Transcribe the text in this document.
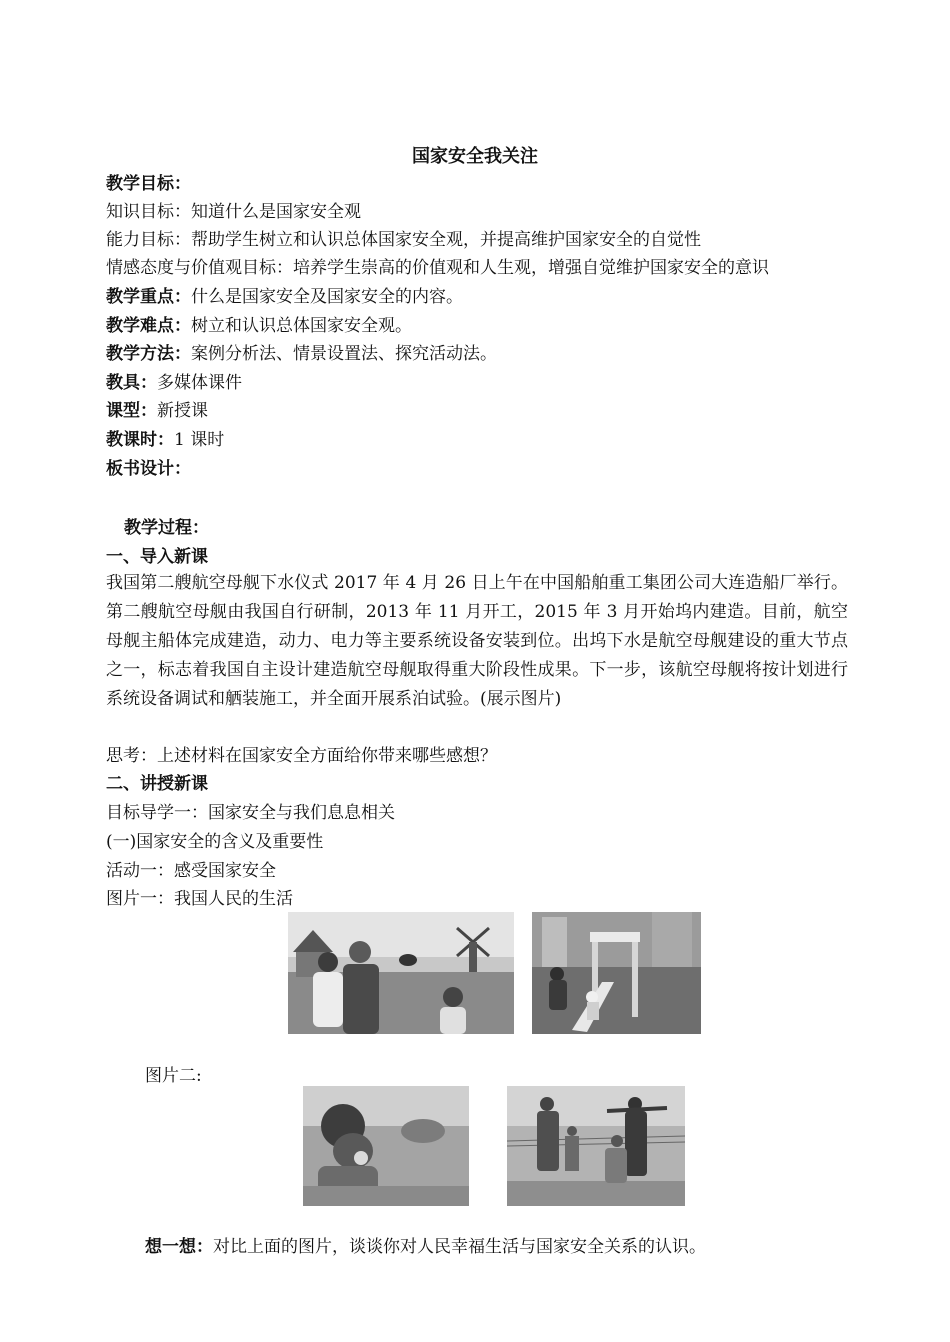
国家安全我关注
教学目标：
知识目标：知道什么是国家安全观
能力目标：帮助学生树立和认识总体国家安全观，并提高维护国家安全的自觉性
情感态度与价值观目标：培养学生崇高的价值观和人生观，增强自觉维护国家安全的意识
教学重点：什么是国家安全及国家安全的内容。
教学难点：树立和认识总体国家安全观。
教学方法：案例分析法、情景设置法、探究活动法。
教具：多媒体课件
课型：新授课
教课时：1 课时
板书设计：
教学过程：
一、导入新课
我国第二艘航空母舰下水仪式 2017 年 4 月 26 日上午在中国船舶重工集团公司大连造船厂举行。第二艘航空母舰由我国自行研制，2013 年 11 月开工，2015 年 3 月开始坞内建造。目前，航空母舰主船体完成建造，动力、电力等主要系统设备安装到位。出坞下水是航空母舰建设的重大节点之一，标志着我国自主设计建造航空母舰取得重大阶段性成果。下一步，该航空母舰将按计划进行系统设备调试和舾装施工，并全面开展系泊试验。(展示图片)
思考：上述材料在国家安全方面给你带来哪些感想？
二、讲授新课
目标导学一：国家安全与我们息息相关
(一)国家安全的含义及重要性
活动一：感受国家安全
图片一：我国人民的生活
图片二:
想一想：对比上面的图片，谈谈你对人民幸福生活与国家安全关系的认识。
